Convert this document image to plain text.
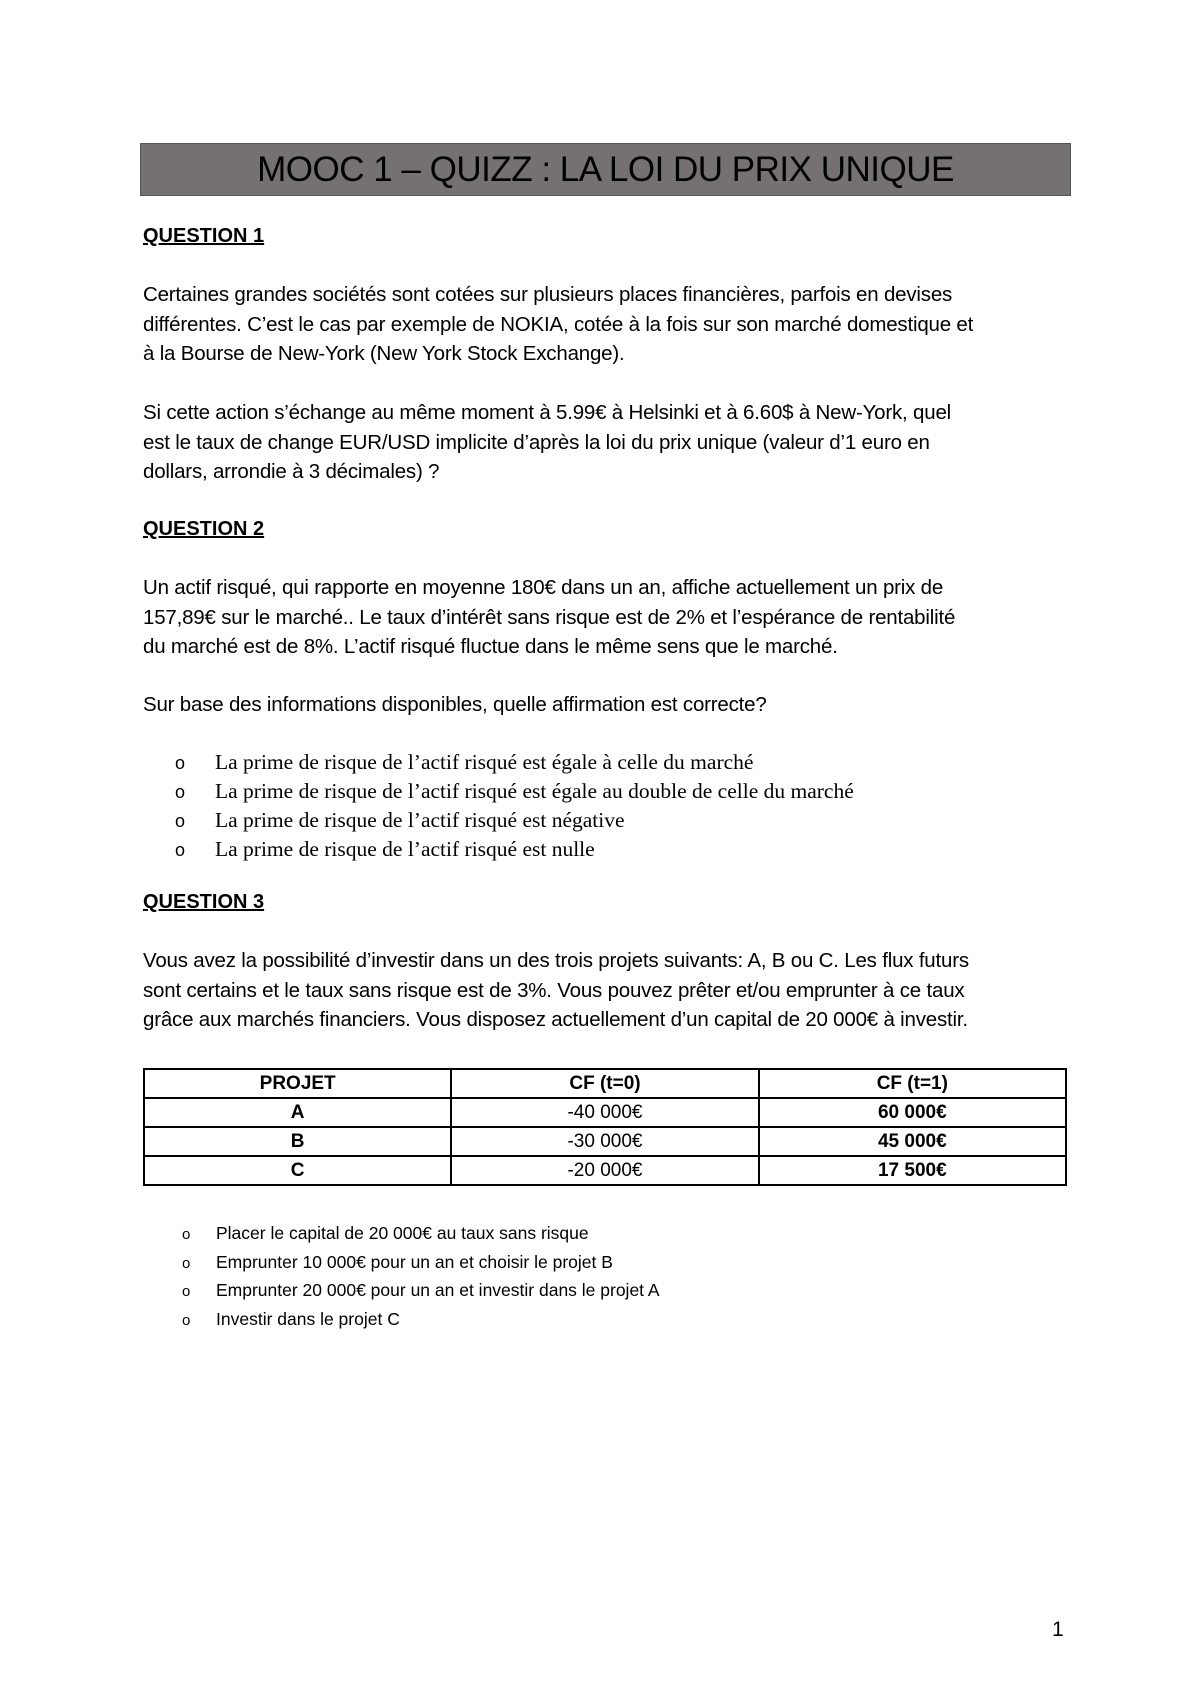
MOOC 1 – QUIZZ : LA LOI DU PRIX UNIQUE
QUESTION 1
Certaines grandes sociétés sont cotées sur plusieurs places financières, parfois en devises
différentes. C’est le cas par exemple de NOKIA, cotée à la fois sur son marché domestique et
à la Bourse de New-York (New York Stock Exchange).
Si cette action s’échange au même moment à 5.99€ à Helsinki et à 6.60$ à New-York, quel
est le taux de change EUR/USD implicite d’après la loi du prix unique (valeur d’1 euro en
dollars, arrondie à 3 décimales) ?
QUESTION 2
Un actif risqué, qui rapporte en moyenne 180€ dans un an, affiche actuellement un prix de
157,89€ sur le marché.. Le taux d’intérêt sans risque est de 2% et l’espérance de rentabilité
du marché est de 8%. L’actif risqué fluctue dans le même sens que le marché.
Sur base des informations disponibles, quelle affirmation est correcte?
o	La prime de risque de l’actif risqué est égale à celle du marché
o	La prime de risque de l’actif risqué est égale au double de celle du marché
o	La prime de risque de l’actif risqué est négative
o	La prime de risque de l’actif risqué est nulle
QUESTION 3
Vous avez la possibilité d’investir dans un des trois projets suivants: A, B ou C. Les flux futurs
sont certains et le taux sans risque est de 3%. Vous pouvez prêter et/ou emprunter à ce taux
grâce aux marchés financiers. Vous disposez actuellement d’un capital de 20 000€ à investir.
PROJET	CF (t=0)	CF (t=1)
A	-40 000€	60 000€
B	-30 000€	45 000€
C	-20 000€	17 500€
o	Placer le capital de 20 000€ au taux sans risque
o	Emprunter 10 000€ pour un an et choisir le projet B
o	Emprunter 20 000€ pour un an et investir dans le projet A
o	Investir dans le projet C
1
